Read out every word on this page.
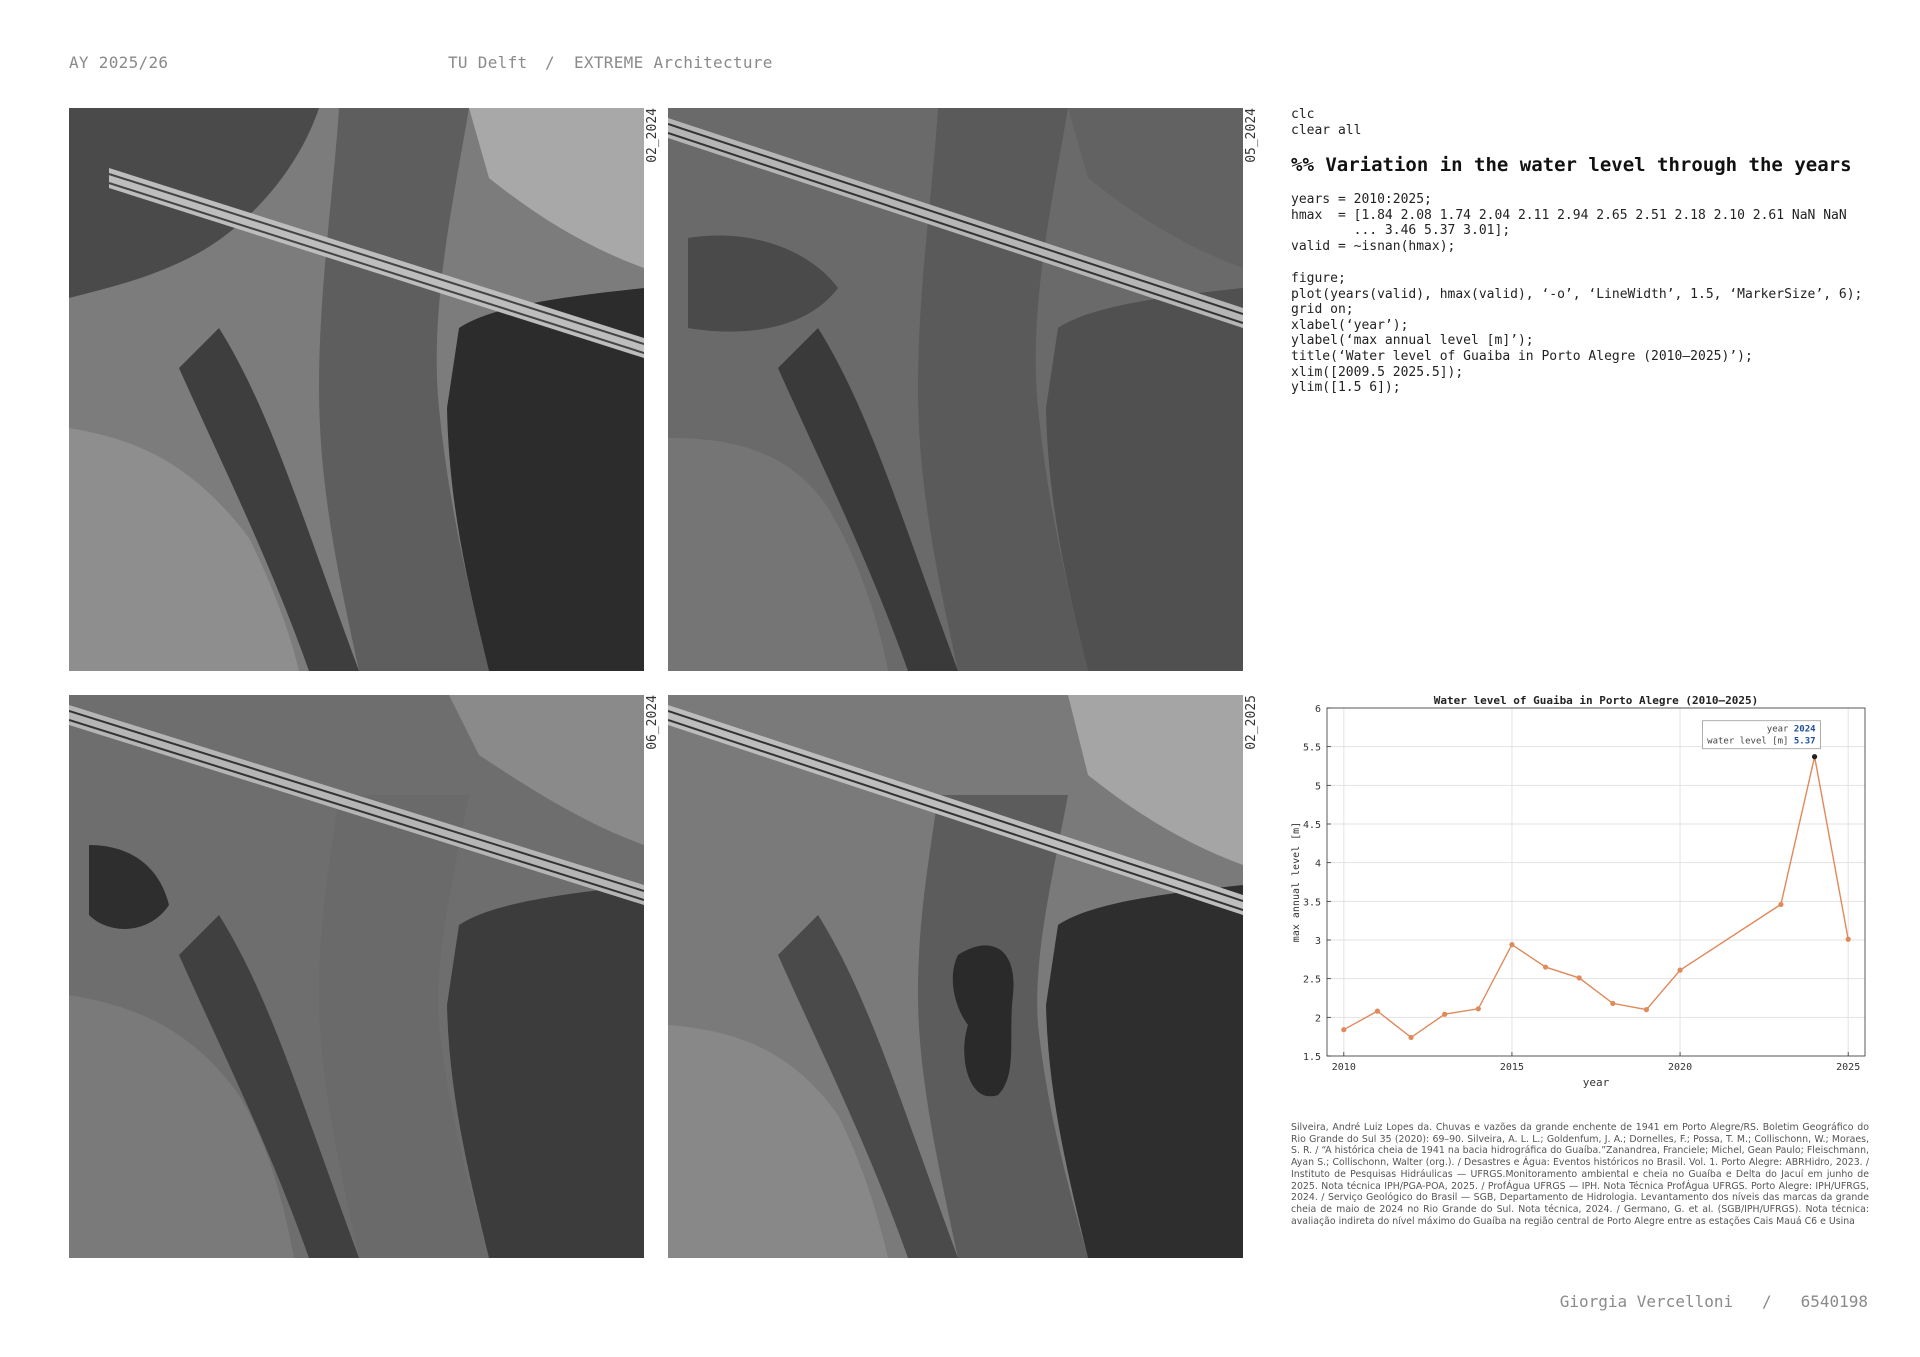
AY 2025/26	TU Delft / EXTREME Architecture
02_2024	05_2024
06_2024	02_2025
clc
clear all
%% Variation in the water level through the years
years = 2010:2025;
hmax  = [1.84 2.08 1.74 2.04 2.11 2.94 2.65 2.51 2.18 2.10 2.61 NaN NaN
... 3.46 5.37 3.01];
valid = ~isnan(hmax);
figure;
plot(years(valid), hmax(valid), ‘-o’, ‘LineWidth’, 1.5, ‘MarkerSize’, 6);
grid on;
xlabel(‘year’);
ylabel(‘max annual level [m]’);
title(‘Water level of Guaiba in Porto Alegre (2010–2025)’);
xlim([2009.5 2025.5]);
ylim([1.5 6]);
1.5
2
2.5
3
3.5
4
4.5
5
5.5
6
2010	2015	2020	2025
Water level of Guaiba in Porto Alegre (2010–2025)
year
max annual level [m]
year 2024
water level [m] 5.37
Silveira, André Luiz Lopes da. Chuvas e vazões da grande enchente de 1941 em Porto Alegre/RS. Boletim Geográfico do Rio Grande do Sul 35 (2020): 69–90. Silveira, A. L. L.; Goldenfum, J. A.; Dornelles, F.; Possa, T. M.; Collischonn, W.; Moraes, S. R. / “A histórica cheia de 1941 na bacia hidrográfica do Guaíba.”Zanandrea, Franciele; Michel, Gean Paulo; Fleischmann, Ayan S.; Collischonn, Walter (org.). / Desastres e Água: Eventos históricos no Brasil. Vol. 1. Porto Alegre: ABRHidro, 2023. / Instituto de Pesquisas Hidráulicas — UFRGS.Monitoramento ambiental e cheia no Guaíba e Delta do Jacuí em junho de 2025. Nota técnica IPH/PGA-POA, 2025. / ProfÁgua UFRGS — IPH. Nota Técnica ProfÁgua UFRGS. Porto Alegre: IPH/UFRGS, 2024. / Serviço Geológico do Brasil — SGB, Departamento de Hidrologia. Levantamento dos níveis das marcas da grande cheia de maio de 2024 no Rio Grande do Sul. Nota técnica, 2024. / Germano, G. et al. (SGB/IPH/UFRGS). Nota técnica: avaliação indireta do nível máximo do Guaíba na região central de Porto Alegre entre as estações Cais Mauá C6 e Usina
Giorgia Vercelloni / 6540198
